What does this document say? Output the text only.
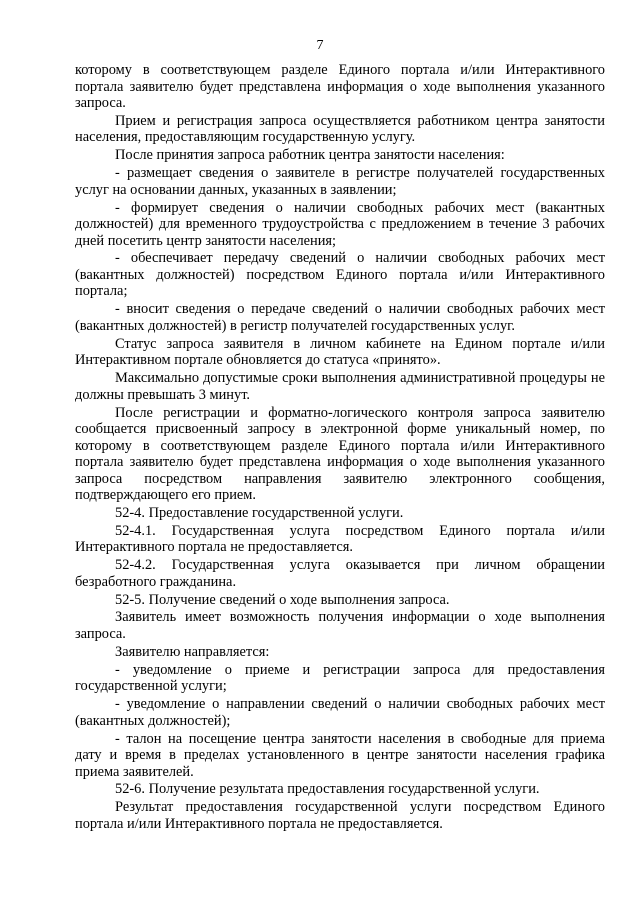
7

которому в соответствующем разделе Единого портала и/или Интерактивного портала заявителю будет представлена информация о ходе выполнения указанного запроса.

Прием и регистрация запроса осуществляется работником центра занятости населения, предоставляющим государственную услугу.

После принятия запроса работник центра занятости населения:

- размещает сведения о заявителе в регистре получателей государственных услуг на основании данных, указанных в заявлении;

- формирует сведения о наличии свободных рабочих мест (вакантных должностей) для временного трудоустройства с предложением в течение 3 рабочих дней посетить центр занятости населения;

- обеспечивает передачу сведений о наличии свободных рабочих мест (вакантных должностей) посредством Единого портала и/или Интерактивного портала;

- вносит сведения о передаче сведений о наличии свободных рабочих мест (вакантных должностей) в регистр получателей государственных услуг.

Статус запроса заявителя в личном кабинете на Едином портале и/или Интерактивном портале обновляется до статуса «принято».

Максимально допустимые сроки выполнения административной процедуры не должны превышать 3 минут.

После регистрации и форматно-логического контроля запроса заявителю сообщается присвоенный запросу в электронной форме уникальный номер, по которому в соответствующем разделе Единого портала и/или Интерактивного портала заявителю будет представлена информация о ходе выполнения указанного запроса посредством направления заявителю электронного сообщения, подтверждающего его прием.

52-4. Предоставление государственной услуги.

52-4.1. Государственная услуга посредством Единого портала и/или Интерактивного портала не предоставляется.

52-4.2. Государственная услуга оказывается при личном обращении безработного гражданина.

52-5. Получение сведений о ходе выполнения запроса.

Заявитель имеет возможность получения информации о ходе выполнения запроса.

Заявителю направляется:

- уведомление о приеме и регистрации запроса для предоставления государственной услуги;

- уведомление о направлении сведений о наличии свободных рабочих мест (вакантных должностей);

- талон на посещение центра занятости населения в свободные для приема дату и время в пределах установленного в центре занятости населения графика приема заявителей.

52-6. Получение результата предоставления государственной услуги.

Результат предоставления государственной услуги посредством Единого портала и/или Интерактивного портала не предоставляется.
